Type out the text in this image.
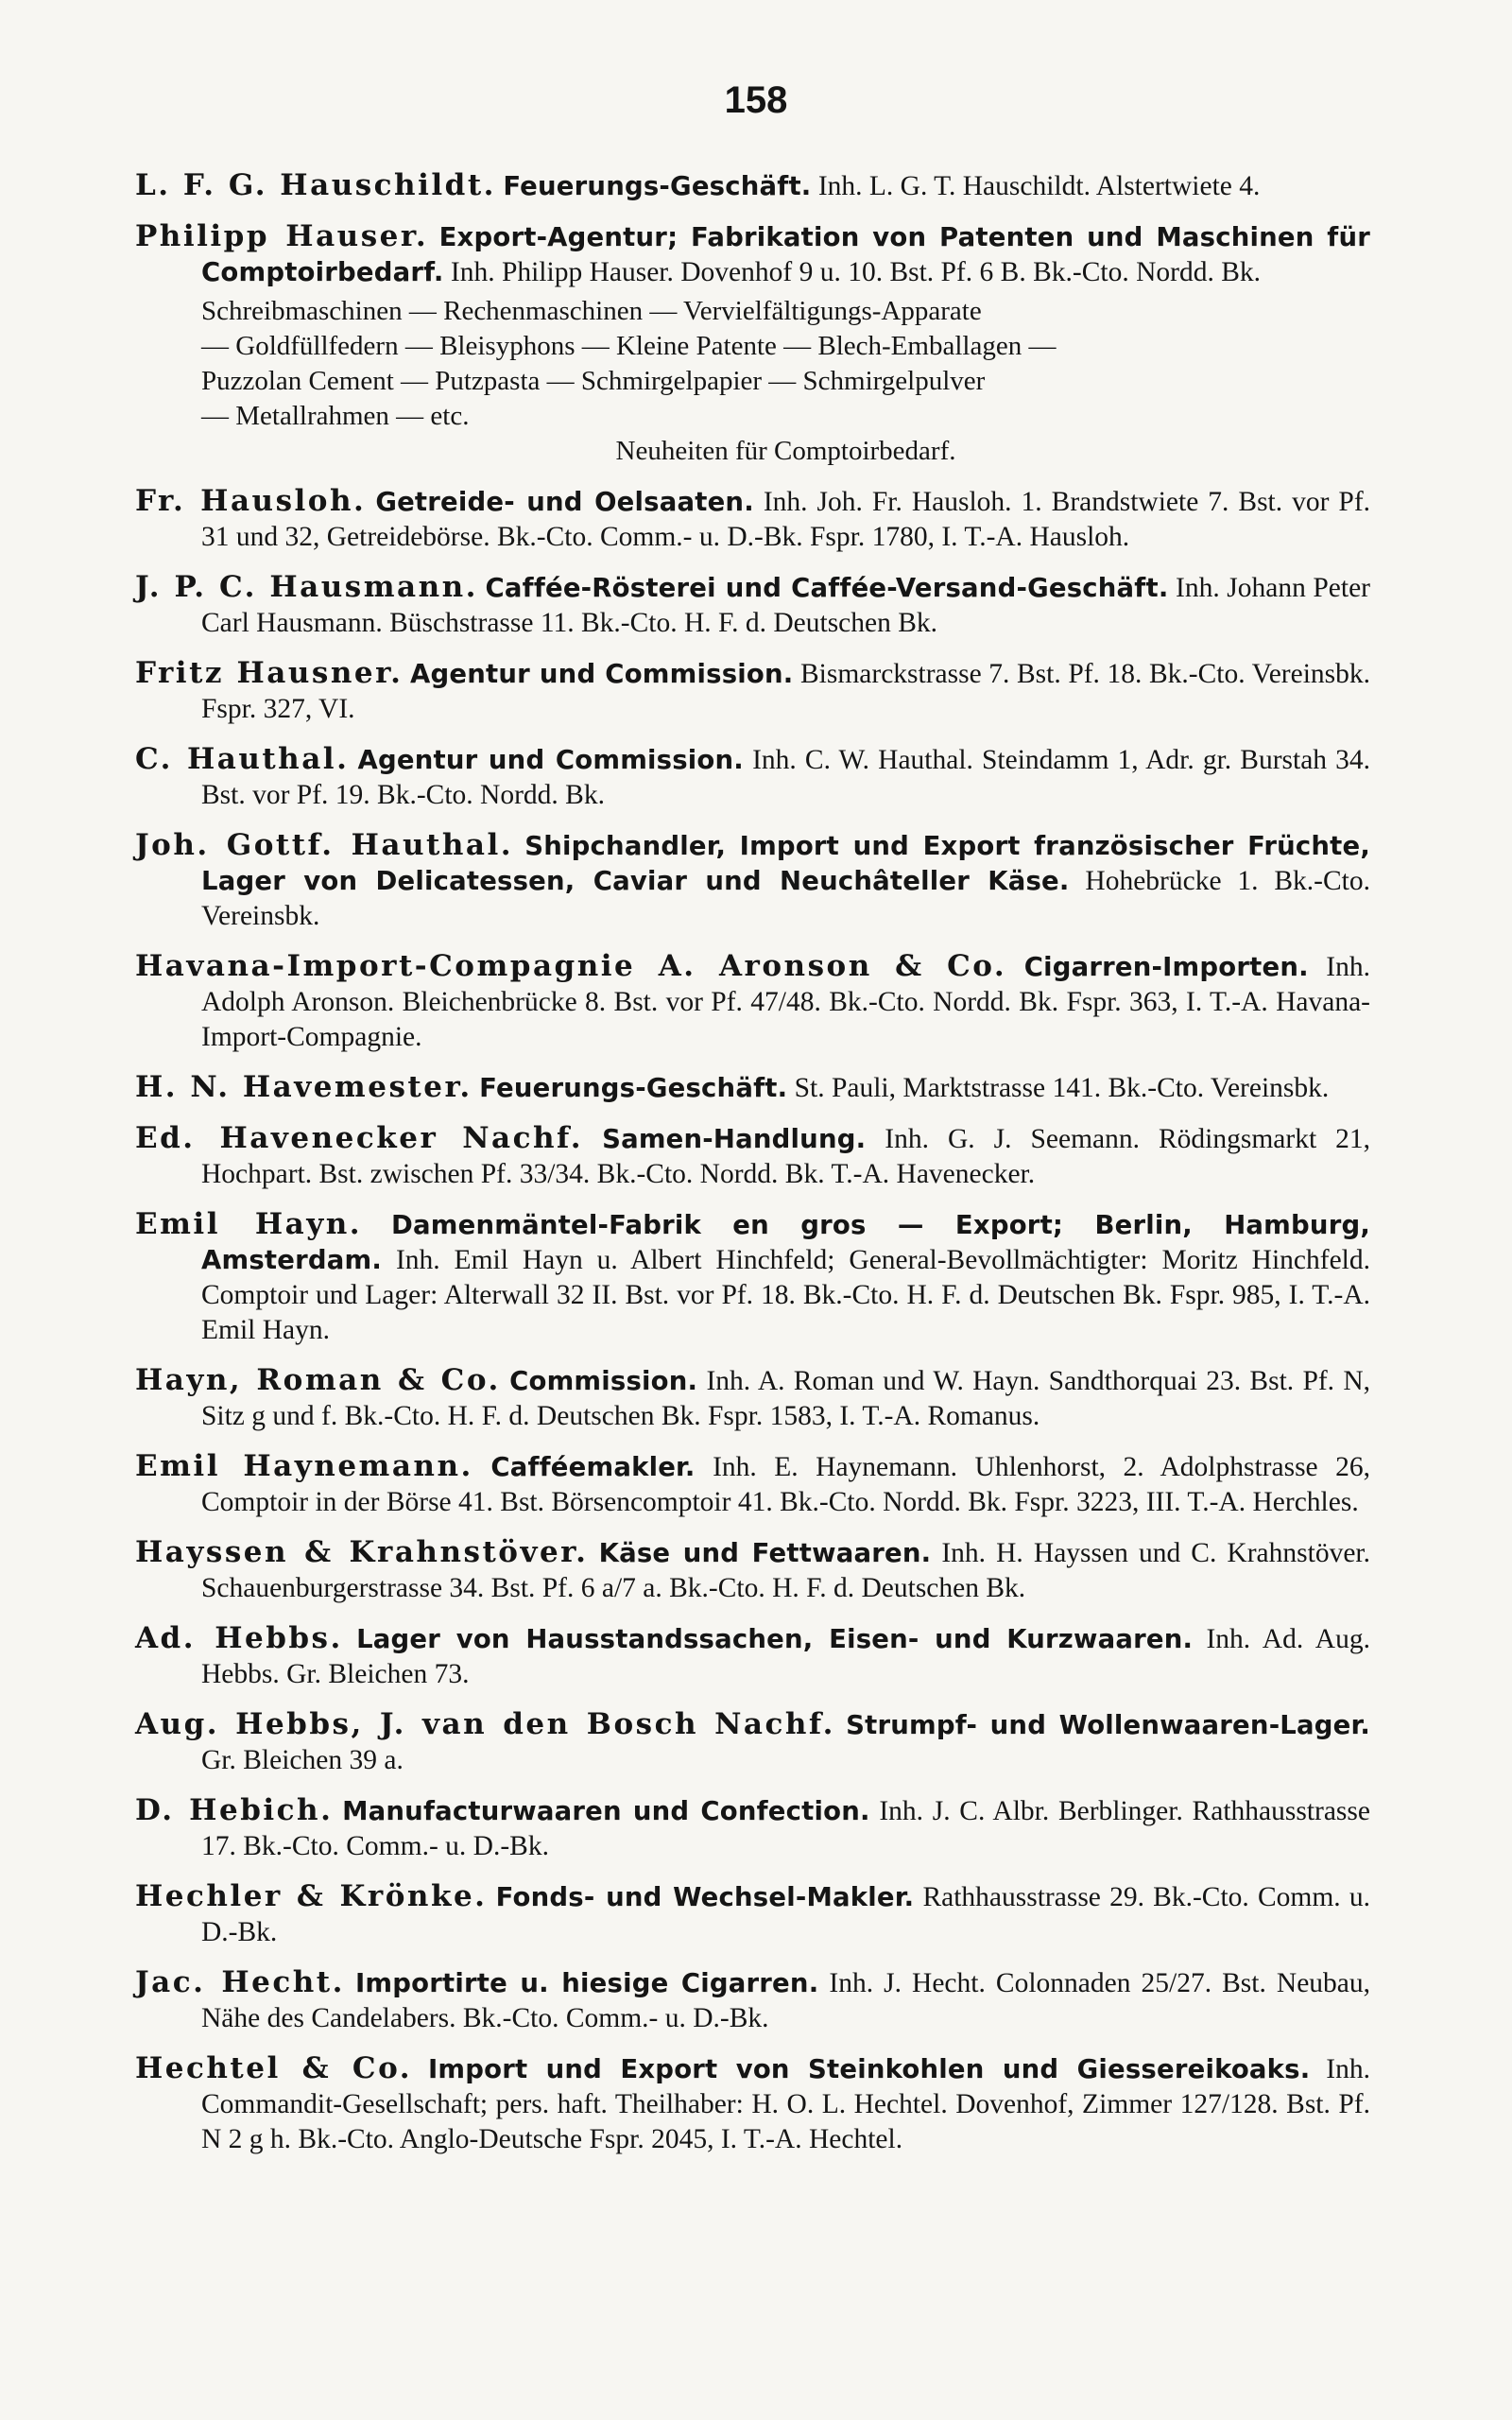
158

L. F. G. Hauschildt. Feuerungs-Geschäft. Inh. L. G. T. Hauschildt. Alstertwiete 4.

Philipp Hauser. Export-Agentur; Fabrikation von Patenten und Maschinen für Comptoirbedarf. Inh. Philipp Hauser. Dovenhof 9 u. 10. Bst. Pf. 6 B. Bk.-Cto. Nordd. Bk.

Schreibmaschinen — Rechenmaschinen — Vervielfältigungs-Apparate
— Goldfüllfedern — Bleisyphons — Kleine Patente — Blech-Emballagen —
Puzzolan Cement — Putzpasta — Schmirgelpapier — Schmirgelpulver
— Metallrahmen — etc.
Neuheiten für Comptoirbedarf.

Fr. Hausloh. Getreide- und Oelsaaten. Inh. Joh. Fr. Hausloh. 1. Brandstwiete 7. Bst. vor Pf. 31 und 32, Getreidebörse. Bk.-Cto. Comm.- u. D.-Bk. Fspr. 1780, I. T.-A. Hausloh.

J. P. C. Hausmann. Caffée-Rösterei und Caffée-Versand-Geschäft. Inh. Johann Peter Carl Hausmann. Büschstrasse 11. Bk.-Cto. H. F. d. Deutschen Bk.

Fritz Hausner. Agentur und Commission. Bismarckstrasse 7. Bst. Pf. 18. Bk.-Cto. Vereinsbk. Fspr. 327, VI.

C. Hauthal. Agentur und Commission. Inh. C. W. Hauthal. Steindamm 1, Adr. gr. Burstah 34. Bst. vor Pf. 19. Bk.-Cto. Nordd. Bk.

Joh. Gottf. Hauthal. Shipchandler, Import und Export französischer Früchte, Lager von Delicatessen, Caviar und Neuchâteller Käse. Hohebrücke 1. Bk.-Cto. Vereinsbk.

Havana-Import-Compagnie A. Aronson & Co. Cigarren-Importen. Inh. Adolph Aronson. Bleichenbrücke 8. Bst. vor Pf. 47/48. Bk.-Cto. Nordd. Bk. Fspr. 363, I. T.-A. Havana-Import-Compagnie.

H. N. Havemester. Feuerungs-Geschäft. St. Pauli, Marktstrasse 141. Bk.-Cto. Vereinsbk.

Ed. Havenecker Nachf. Samen-Handlung. Inh. G. J. Seemann. Rödingsmarkt 21, Hochpart. Bst. zwischen Pf. 33/34. Bk.-Cto. Nordd. Bk. T.-A. Havenecker.

Emil Hayn. Damenmäntel-Fabrik en gros — Export; Berlin, Hamburg, Amsterdam. Inh. Emil Hayn u. Albert Hinchfeld; General-Bevollmächtigter: Moritz Hinchfeld. Comptoir und Lager: Alterwall 32 II. Bst. vor Pf. 18. Bk.-Cto. H. F. d. Deutschen Bk. Fspr. 985, I. T.-A. Emil Hayn.

Hayn, Roman & Co. Commission. Inh. A. Roman und W. Hayn. Sandthorquai 23. Bst. Pf. N, Sitz g und f. Bk.-Cto. H. F. d. Deutschen Bk. Fspr. 1583, I. T.-A. Romanus.

Emil Haynemann. Cafféemakler. Inh. E. Haynemann. Uhlenhorst, 2. Adolphstrasse 26, Comptoir in der Börse 41. Bst. Börsencomptoir 41. Bk.-Cto. Nordd. Bk. Fspr. 3223, III. T.-A. Herchles.

Hayssen & Krahnstöver. Käse und Fettwaaren. Inh. H. Hayssen und C. Krahnstöver. Schauenburgerstrasse 34. Bst. Pf. 6 a/7 a. Bk.-Cto. H. F. d. Deutschen Bk.

Ad. Hebbs. Lager von Hausstandssachen, Eisen- und Kurzwaaren. Inh. Ad. Aug. Hebbs. Gr. Bleichen 73.

Aug. Hebbs, J. van den Bosch Nachf. Strumpf- und Wollenwaaren-Lager. Gr. Bleichen 39 a.

D. Hebich. Manufacturwaaren und Confection. Inh. J. C. Albr. Berblinger. Rathhausstrasse 17. Bk.-Cto. Comm.- u. D.-Bk.

Hechler & Krönke. Fonds- und Wechsel-Makler. Rathhausstrasse 29. Bk.-Cto. Comm. u. D.-Bk.

Jac. Hecht. Importirte u. hiesige Cigarren. Inh. J. Hecht. Colonnaden 25/27. Bst. Neubau, Nähe des Candelabers. Bk.-Cto. Comm.- u. D.-Bk.

Hechtel & Co. Import und Export von Steinkohlen und Giessereikoaks. Inh. Commandit-Gesellschaft; pers. haft. Theilhaber: H. O. L. Hechtel. Dovenhof, Zimmer 127/128. Bst. Pf. N 2 g h. Bk.-Cto. Anglo-Deutsche Fspr. 2045, I. T.-A. Hechtel.
